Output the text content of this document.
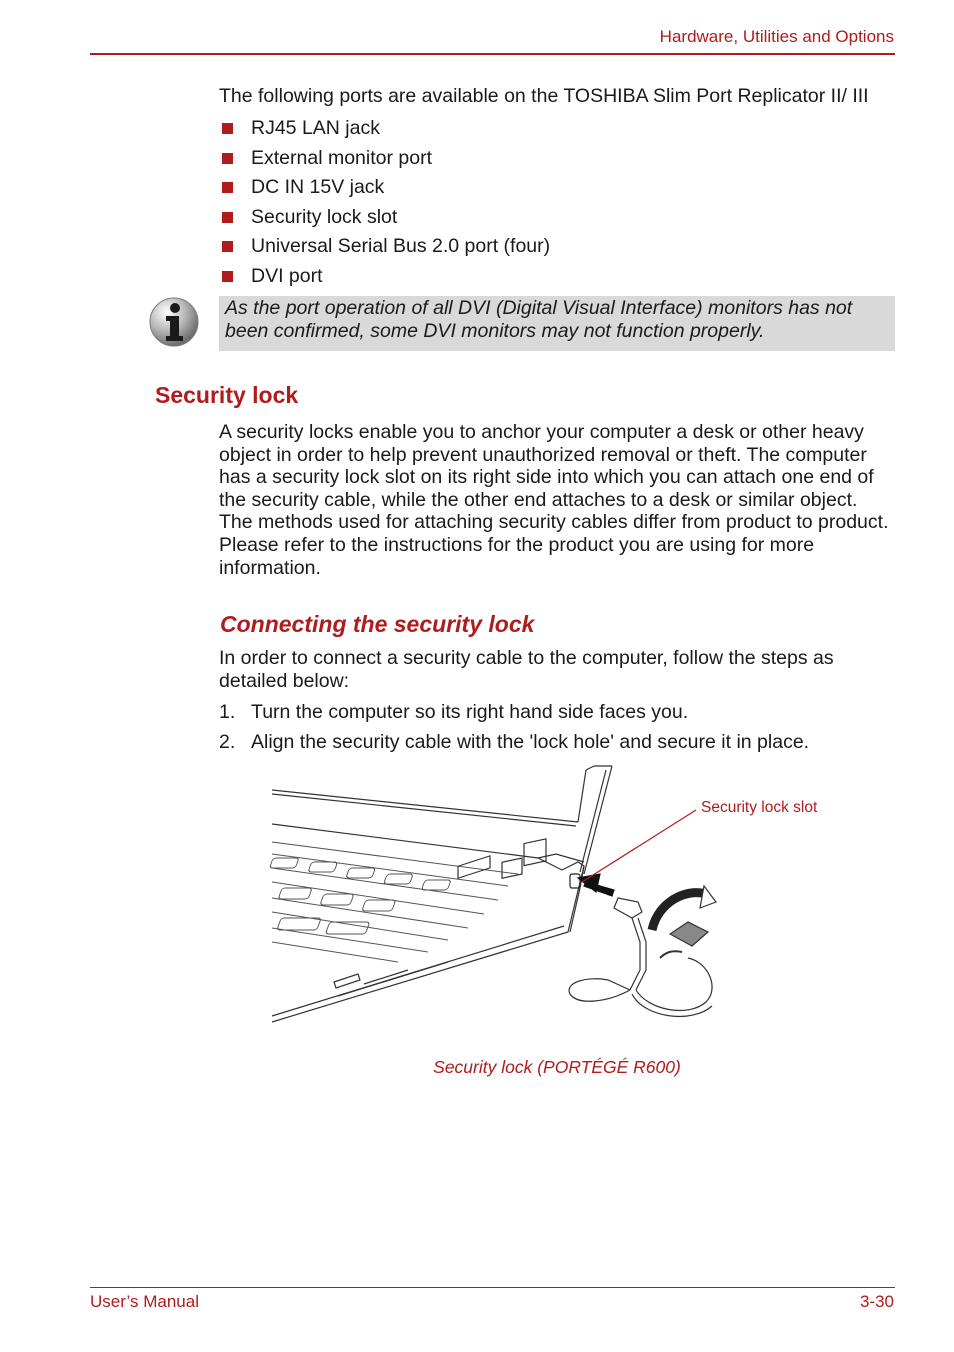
Hardware, Utilities and Options

The following ports are available on the TOSHIBA Slim Port Replicator II/ III

RJ45 LAN jack
External monitor port
DC IN 15V jack
Security lock slot
Universal Serial Bus 2.0 port (four)
DVI port
As the port operation of all DVI (Digital Visual Interface) monitors has not been confirmed, some DVI monitors may not function properly.
Security lock

A security locks enable you to anchor your computer a desk or other heavy object in order to help prevent unauthorized removal or theft. The computer has a security lock slot on its right side into which you can attach one end of the security cable, while the other end attaches to a desk or similar object. The methods used for attaching security cables differ from product to product. Please refer to the instructions for the product you are using for more information.

Connecting the security lock

In order to connect a security cable to the computer, follow the steps as detailed below:

1. Turn the computer so its right hand side faces you.
2. Align the security cable with the 'lock hole' and secure it in place.
Security lock slot
Security lock (PORTÉGÉ R600)
User’s Manual	3-30
